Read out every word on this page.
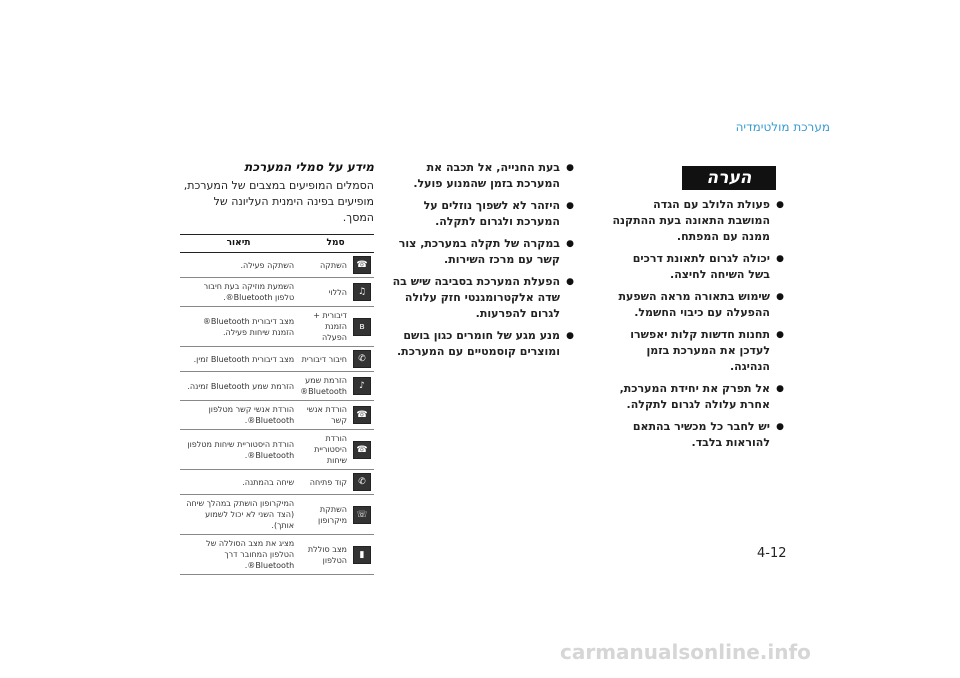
מערכת מולטימדיה
הערה
● פעולת הלולב עם הגדה המושבת התאונה בעת ההתקנה ממנה עם המפתח.
● יכולה לגרום לתאונת דרכים בשל השיחה לחיצה.
● שימוש בתאורה מראה השפעת ההפעלה עם כיבוי החשמל.
● תחנות חדשות קלות יאפשרו לעדכן את המערכת בזמן הנהיגה.
● אל תפרק את יחידת המערכת, אחרת עלולה לגרום לתקלה.
● יש לחבר כל מכשיר בהתאם להוראות בלבד.
● בעת החנייה, אל תכבה את המערכת בזמן שהמנוע פועל.
● היזהר לא לשפוך נוזלים על המערכת ולגרום לתקלה.
● במקרה של תקלה במערכת, צור קשר עם מרכז השירות.
● הפעלת המערכת בסביבה שיש בה שדה אלקטרומגנטי חזק עלולה לגרום להפרעות.
● מנע מגע של חומרים כגון בושם ומוצרים קוסמטיים עם המערכת.
מידע על סמלי המערכת
הסמלים המופיעים במצבים של המערכת, מופיעים בפינה הימנית העליונה של המסך.
סמל		תיאור
☎	השתקה	השתקה פעילה.
♫	הללוי	השמעת מוזיקה בעת חיבור טלפון Bluetooth®.
ʙ	דיבורית + הזמנת הפעלה	מצב דיבורית Bluetooth® הזמנת שיחות פעילה.
✆	חיבור דיבורית	מצב דיבורית Bluetooth זמין.
♪	הזרמת שמע Bluetooth®	הזרמת שמע Bluetooth זמינה.
☎	הורדת אנשי קשר	הורדת אנשי קשר מטלפון Bluetooth®.
☎	הורדת היסטוריית שיחות	הורדת היסטוריית שיחות מטלפון Bluetooth®.
✆	קוד פתיחה	שיחה בהמתנה.
☏	השתקת מיקרופון	המיקרופון הושתק במהלך שיחה (הצד השני לא יכול לשמוע אותך).
▮	מצב סוללת הטלפון	מציג את מצב הסוללה של הטלפון המחובר דרך Bluetooth®.
4-12
carmanualsonline.info
